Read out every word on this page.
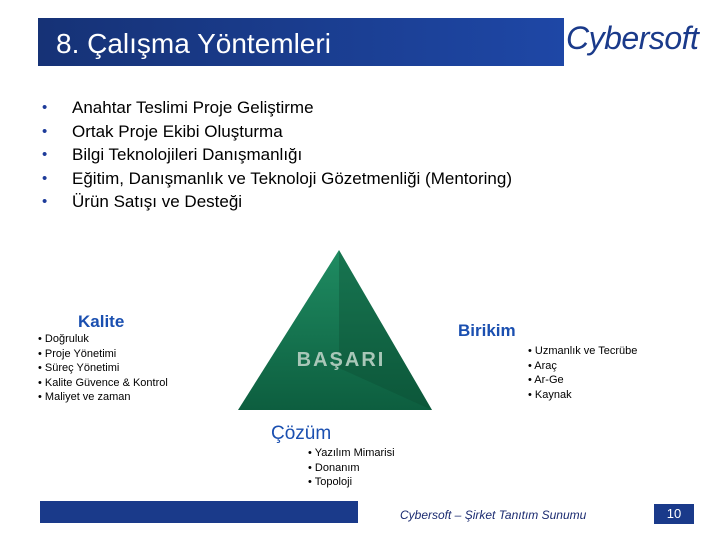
8. Çalışma Yöntemleri	Cybersoft
• Anahtar Teslimi Proje Geliştirme
• Ortak Proje Ekibi Oluşturma
• Bilgi Teknolojileri Danışmanlığı
• Eğitim, Danışmanlık ve Teknoloji Gözetmenliği (Mentoring)
• Ürün Satışı ve Desteği
BAŞARI
Kalite
• Doğruluk
• Proje Yönetimi
• Süreç Yönetimi
• Kalite Güvence & Kontrol
• Maliyet ve zaman
Birikim
• Uzmanlık ve Tecrübe
• Araç
• Ar-Ge
• Kaynak
Çözüm
• Yazılım Mimarisi
• Donanım
• Topoloji
Cybersoft – Şirket Tanıtım Sunumu	10
